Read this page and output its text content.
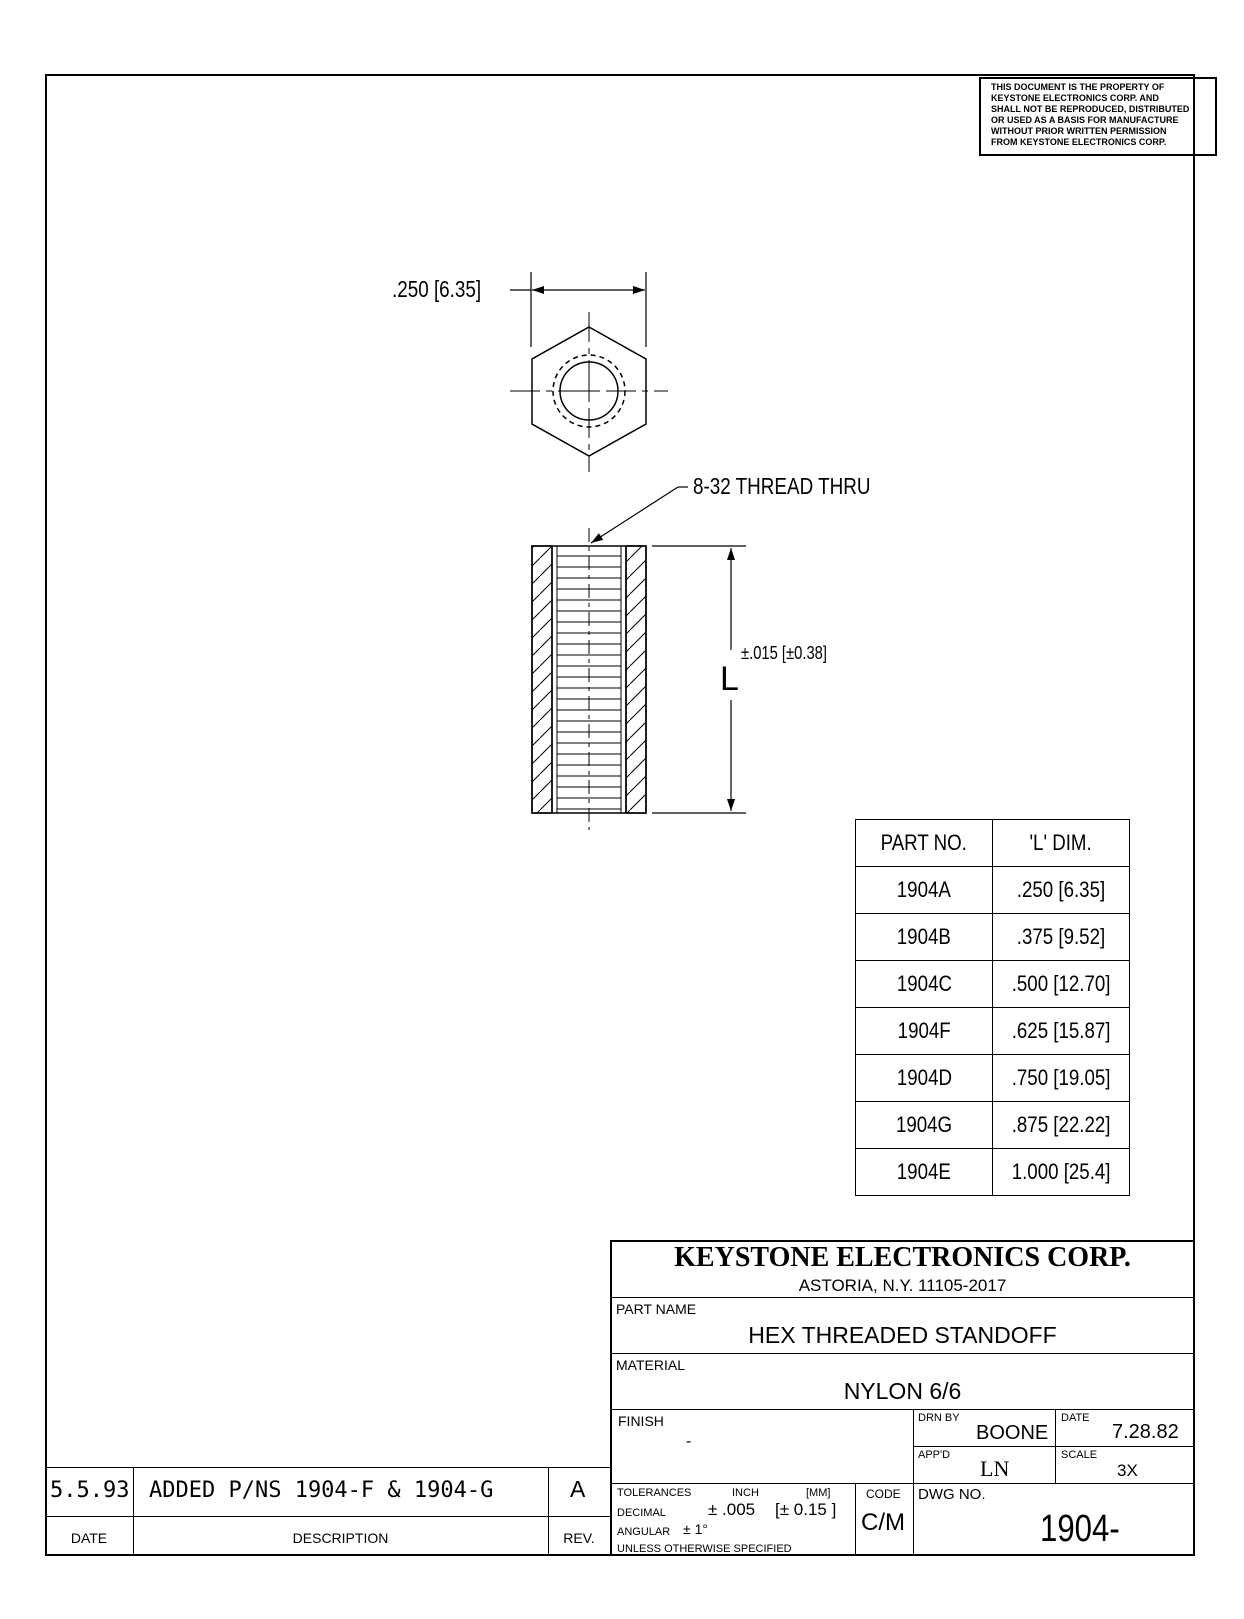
THIS DOCUMENT IS THE PROPERTY OF
KEYSTONE ELECTRONICS CORP. AND
SHALL NOT BE REPRODUCED, DISTRIBUTED
OR USED AS A BASIS FOR MANUFACTURE
WITHOUT PRIOR WRITTEN PERMISSION
FROM KEYSTONE ELECTRONICS CORP.
.250 [6.35]
8-32 THREAD THRU
±.015 [±0.38]
L
PART NO.	'L' DIM.
1904A	.250 [6.35]
1904B	.375 [9.52]
1904C	.500 [12.70]
1904F	.625 [15.87]
1904D	.750 [19.05]
1904G	.875 [22.22]
1904E	1.000 [25.4]
KEYSTONE ELECTRONICS CORP.
ASTORIA, N.Y. 11105-2017
PART NAME
HEX THREADED STANDOFF
MATERIAL
NYLON 6/6
FINISH
-
DRN BY
BOONE
DATE
7.28.82
APP'D
LN
SCALE
3X
TOLERANCES	INCH	[MM]	CODE
DECIMAL ± .005 [± 0.15 ]
ANGULAR ± 1°
UNLESS OTHERWISE SPECIFIED
C/M
DWG NO.
1904-
5.5.93 ADDED P/NS 1904-F & 1904-G	A
DATE	DESCRIPTION	REV.
